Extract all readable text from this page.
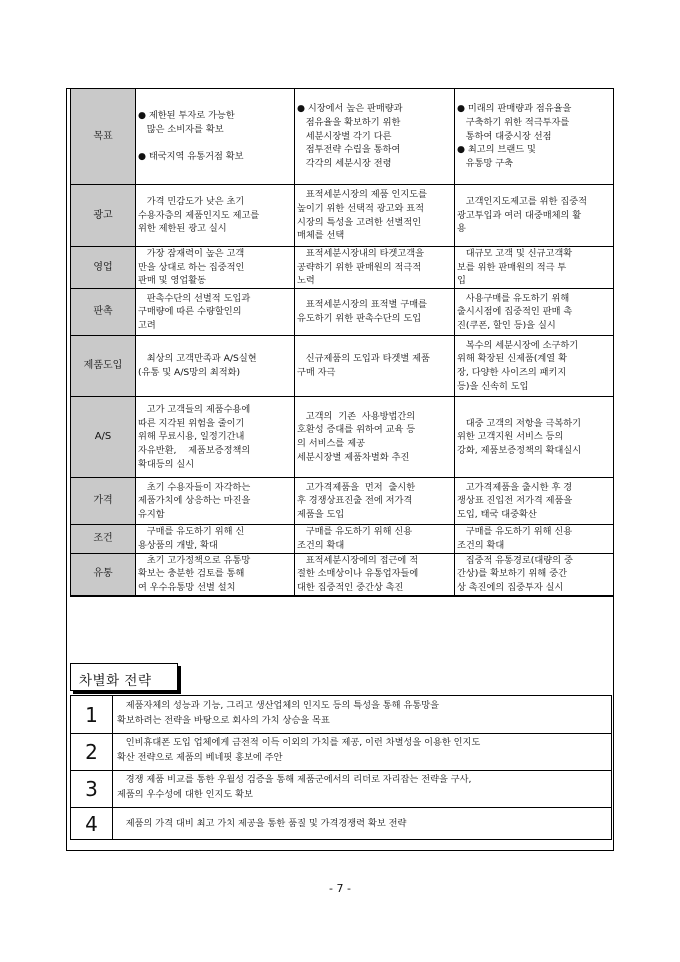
목표	● 제한된 투자로 가능한
많은 소비자를 확보
● 태국지역 유통거점 확보	● 시장에서 높은 판매량과
점유율을 확보하기 위한
세분시장별 각기 다른
점투전략 수립을 통하여
각각의 세분시장 전령	● 미래의 판매량과 점유율을
구축하기 위한 적극투자를
통하여 대중시장 선점
● 최고의 브랜드 및
유통망 구축

광고	가격 민감도가 낮은 초기
수용자층의 제품인지도 제고를
위한 제한된 광고 실시	표적세분시장의 제품 인지도를
높이기 위한 선택적 광고와 표적
시장의 특성을 고려한 선별적인
매체를 선택	고객인지도제고를 위한 집중적
광고투입과 여러 대중매체의 활
용

영업	가장 잠재력이 높은 고객
만을 상대로 하는 집중적인
판매 및 영업활동	표적세분시장내의 타겟고객을
공략하기 위한 판매원의 적극적
노력	대규모 고객 및 신규고객확
보를 위한 판매원의 적극 투
입

판촉	판촉수단의 선별적 도입과
구매량에 따른 수량할인의
고려	표적세분시장의 표적별 구매를
유도하기 위한 판촉수단의 도입	사용구매를 유도하기 위해
출시시점에 집중적인 판매 촉
진(쿠폰, 할인 등)을 실시

제품도입	최상의 고객만족과 A/S실현
(유통 및 A/S망의 최적화)	신규제품의 도입과 타겟별 제품
구매 자극	복수의 세분시장에 소구하기
위해 확장된 신제품(계열 확
장, 다양한 사이즈의 패키지
등)을 신속히 도입

A/S	고가 고객들의 제품수용에
따른 지각된 위험을 줄이기
위해 무료시용, 일정기간내
자유반환,    제품보증정책의
확대등의 실시	고객의  기존  사용방법간의
호환성 증대를 위하여 교육 등
의 서비스를 제공
세분시장별 제품차별화 추진	대중 고객의 저항을 극복하기
위한 고객지원 서비스 등의
강화, 제품보증정책의 확대실시

가격	초기 수용자들이 자각하는
제품가치에 상응하는 마진을
유지함	고가격제품을  먼저  출시한
후 경쟁상표진출 전에 저가격
제품을 도입	고가격제품을 출시한 후 경
쟁상표 진입전 저가격 제품을
도입, 태국 대중확산

조건	구매를 유도하기 위해 신
용상품의 개발, 확대	구매를 유도하기 위해 신용
조건의 확대	구매를 유도하기 위해 신용
조건의 확대

유통	초기 고가정책으로 유통망
확보는 충분한 검토를 통해
여 우수유통망 선별 설치	표적세분시장에의 접근에 적
절한 소매상이나 유통업자들에
대한 집중적인 중간상 촉진	집중적 유통경로(대량의 중
간상)를 확보하기 위해 중간
상 촉진에의 집중투자 실시
차별화 전략
1	제품자체의 성능과 기능, 그리고 생산업체의 인지도 등의 특성을 통해 유통망을
확보하려는 전략을 바탕으로 회사의 가치 상승을 목표
2	인비휴대폰 도입 업체에게 금전적 이득 이외의 가치를 제공, 이런 차별성을 이용한 인지도
확산 전략으로 제품의 베네핏 홍보에 주안
3	경쟁 제품 비교를 통한 우월성 검증을 통해 제품군에서의 리더로 자리잡는 전략을 구사,
제품의 우수성에 대한 인지도 확보
4	제품의 가격 대비 최고 가치 제공을 통한 품질 및 가격경쟁력 확보 전략
- 7 -
